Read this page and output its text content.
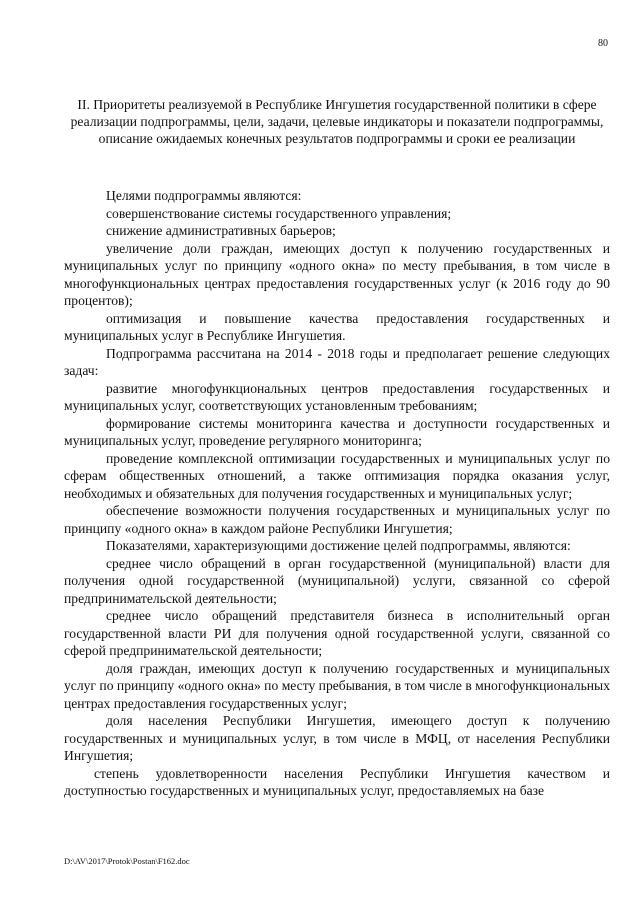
80
II. Приоритеты реализуемой в Республике Ингушетия государственной политики в сфере реализации подпрограммы, цели, задачи, целевые индикаторы и показатели подпрограммы, описание ожидаемых конечных результатов подпрограммы и сроки ее реализации

Целями подпрограммы являются:

совершенствование системы государственного управления;

снижение административных барьеров;

увеличение доли граждан, имеющих доступ к получению государственных и муниципальных услуг по принципу «одного окна» по месту пребывания, в том числе в многофункциональных центрах предоставления государственных услуг (к 2016 году до 90 процентов);

оптимизация и повышение качества предоставления государственных и муниципальных услуг в Республике Ингушетия.

Подпрограмма рассчитана на 2014 - 2018 годы и предполагает решение следующих задач:

развитие многофункциональных центров предоставления государственных и муниципальных услуг, соответствующих установленным требованиям;

формирование системы мониторинга качества и доступности государственных и муниципальных услуг, проведение регулярного мониторинга;

проведение комплексной оптимизации государственных и муниципальных услуг по сферам общественных отношений, а также оптимизация порядка оказания услуг, необходимых и обязательных для получения государственных и муниципальных услуг;

обеспечение возможности получения государственных и муниципальных услуг по принципу «одного окна» в каждом районе Республики Ингушетия;

Показателями, характеризующими достижение целей подпрограммы, являются:

среднее число обращений в орган государственной (муниципальной) власти для получения одной государственной (муниципальной) услуги, связанной со сферой предпринимательской деятельности;

среднее число обращений представителя бизнеса в исполнительный орган государственной власти РИ для получения одной государственной услуги, связанной со сферой предпринимательской деятельности;

доля граждан, имеющих доступ к получению государственных и муниципальных услуг по принципу «одного окна» по месту пребывания, в том числе в многофункциональных центрах предоставления государственных услуг;

доля населения Республики Ингушетия, имеющего доступ к получению государственных и муниципальных услуг, в том числе в МФЦ, от населения Республики Ингушетия;

степень удовлетворенности населения Республики Ингушетия качеством и доступностью государственных и муниципальных услуг, предоставляемых на базе

D:\AV\2017\Protok\Postan\F162.doc
